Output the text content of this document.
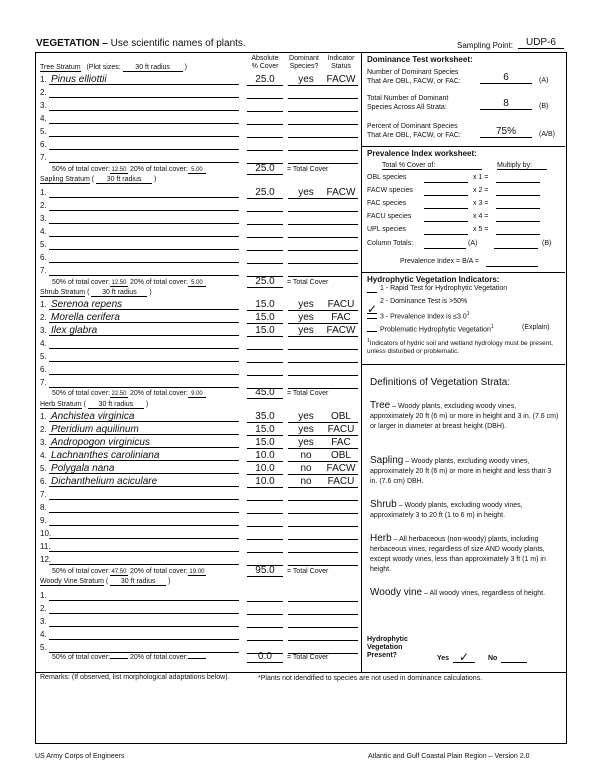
VEGETATION – Use scientific names of plants.	Sampling Point:	UDP-6
Absolute
% Cover
Dominant
Species?
Indicator
Status
Tree Stratum (Plot sizes: 30 ft radius )
1. Pinus elliottii	25.0	yes	FACW
2.
3.
4.
5.
6.
7.
50% of total cover:12.50 20% of total cover: 5.00	25.0	= Total Cover
Sapling Stratum ( 30 ft radius )
1.	25.0	yes	FACW
2.
3.
4.
5.
6.
7.
50% of total cover:12.50 20% of total cover: 5.00	25.0	= Total Cover
Shrub Stratum ( 30 ft radius )
1. Serenoa repens	15.0	yes	FACU
2. Morella cerifera	15.0	yes	FAC
3. Ilex glabra	15.0	yes	FACW
4.
5.
6.
7.
50% of total cover:22.50 20% of total cover: 9.00	45.0	= Total Cover
Herb Stratum ( 30 ft radius )
1. Anchistea virginica	35.0	yes	OBL
2. Pteridium aquilinum	15.0	yes	FACU
3. Andropogon virginicus	15.0	yes	FAC
4. Lachnanthes caroliniana	10.0	no	OBL
5. Polygala nana	10.0	no	FACW
6. Dichanthelium aciculare	10.0	no	FACU
7.
8.
9.
10.
11.
12.
50% of total cover:47.50 20% of total cover:19.00	95.0	= Total Cover
Woody Vine Stratum ( 30 ft radius )
1.
2.
3.
4.
5.
50% of total cover:	20% of total cover:	0.0	= Total Cover
Dominance Test worksheet:
Number of Dominant Species
That Are OBL, FACW, or FAC:	6	(A)
Total Number of Dominant
Species Across All Strata:	8	(B)
Percent of Dominant Species
That Are OBL, FACW, or FAC:	75%	(A/B)
Prevalence Index worksheet:
Total % Cover of:	Multiply by:
OBL species	x 1 =
FACW species	x 2 =
FAC species	x 3 =
FACU species	x 4 =
UPL species	x 5 =
Column Totals:	(A)	(B)
Prevalence Index = B/A =
Hydrophytic Vegetation Indicators:
1 - Rapid Test for Hydrophytic Vegetation
✓
2 - Dominance Test is >50%
3 - Prevalence Index is $\le 3.0^1$
Problematic Hydrophytic Vegetation$^1$	(Explain)
$^1$Indicators of hydric soil and wetland hydrology must be present, unless disturbed or problematic.
Definitions of Vegetation Strata:
Tree – Woody plants, excluding woody vines, approximately 20 ft (6 m) or more in height and 3 in. (7.6 cm) or larger in diameter at breast height (DBH).
Sapling – Woody plants, excluding woody vines, approximately 20 ft (6 m) or more in height and less than 3 in. (7.6 cm) DBH.
Shrub – Woody plants, excluding woody vines, approximately 3 to 20 ft (1 to 6 m) in height.
Herb – All herbaceous (non-woody) plants, including herbaceous vines, regardless of size AND woody plants, except woody vines, less than approximately 3 ft (1 m) in height.
Woody vine – All woody vines, regardless of height.
Hydrophytic
Vegetation
Present?	Yes ✓	No
Remarks: (If observed, list morphological adaptations below).	*Plants not idendified to species are not used in dominance calculations.
US Army Corps of Engineers	Atlantic and Gulf Coastal Plain Region – Version 2.0
